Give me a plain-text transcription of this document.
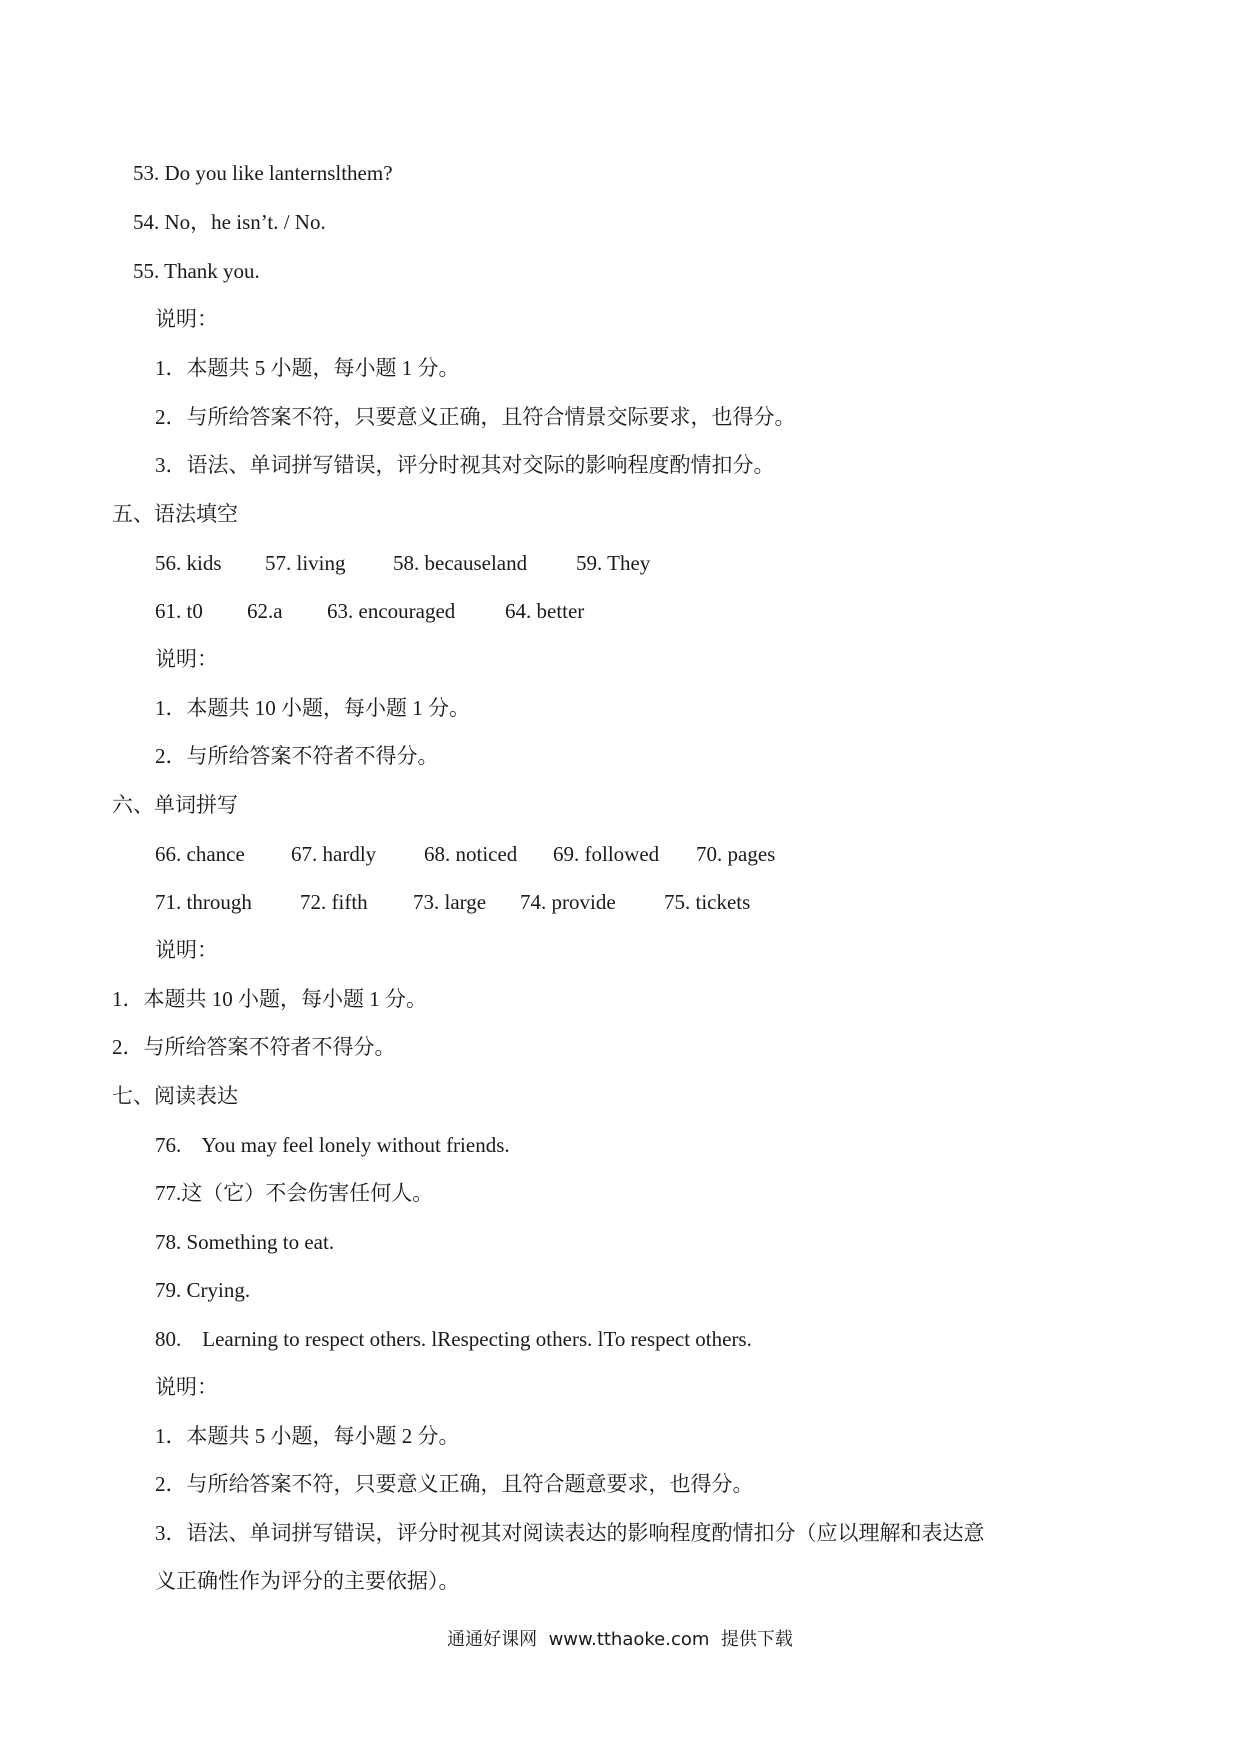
53. Do you like lanternslthem?
54. No，he isn’t. / No.
55. Thank you.
说明：
1．本题共 5 小题，每小题 1 分。
2．与所给答案不符，只要意义正确，且符合情景交际要求，也得分。
3．语法、单词拼写错误，评分时视其对交际的影响程度酌情扣分。
五、语法填空
56. kids 57. living 58. becauseland 59. They
61. t0 62.a 63. encouraged 64. better
说明：
1．本题共 10 小题，每小题 1 分。
2．与所给答案不符者不得分。
六、单词拼写
66. chance 67. hardly 68. noticed 69. followed 70. pages
71. through 72. fifth 73. large 74. provide 75. tickets
说明：
1．本题共 10 小题，每小题 1 分。
2．与所给答案不符者不得分。
七、阅读表达
76.    You may feel lonely without friends.
77.这（它）不会伤害任何人。
78. Something to eat.
79. Crying.
80.    Learning to respect others. lRespecting others. lTo respect others.
说明：
1．本题共 5 小题，每小题 2 分。
2．与所给答案不符，只要意义正确，且符合题意要求，也得分。
3．语法、单词拼写错误，评分时视其对阅读表达的影响程度酌情扣分（应以理解和表达意
义正确性作为评分的主要依据）。
通通好课网  www.tthaoke.com  提供下载
